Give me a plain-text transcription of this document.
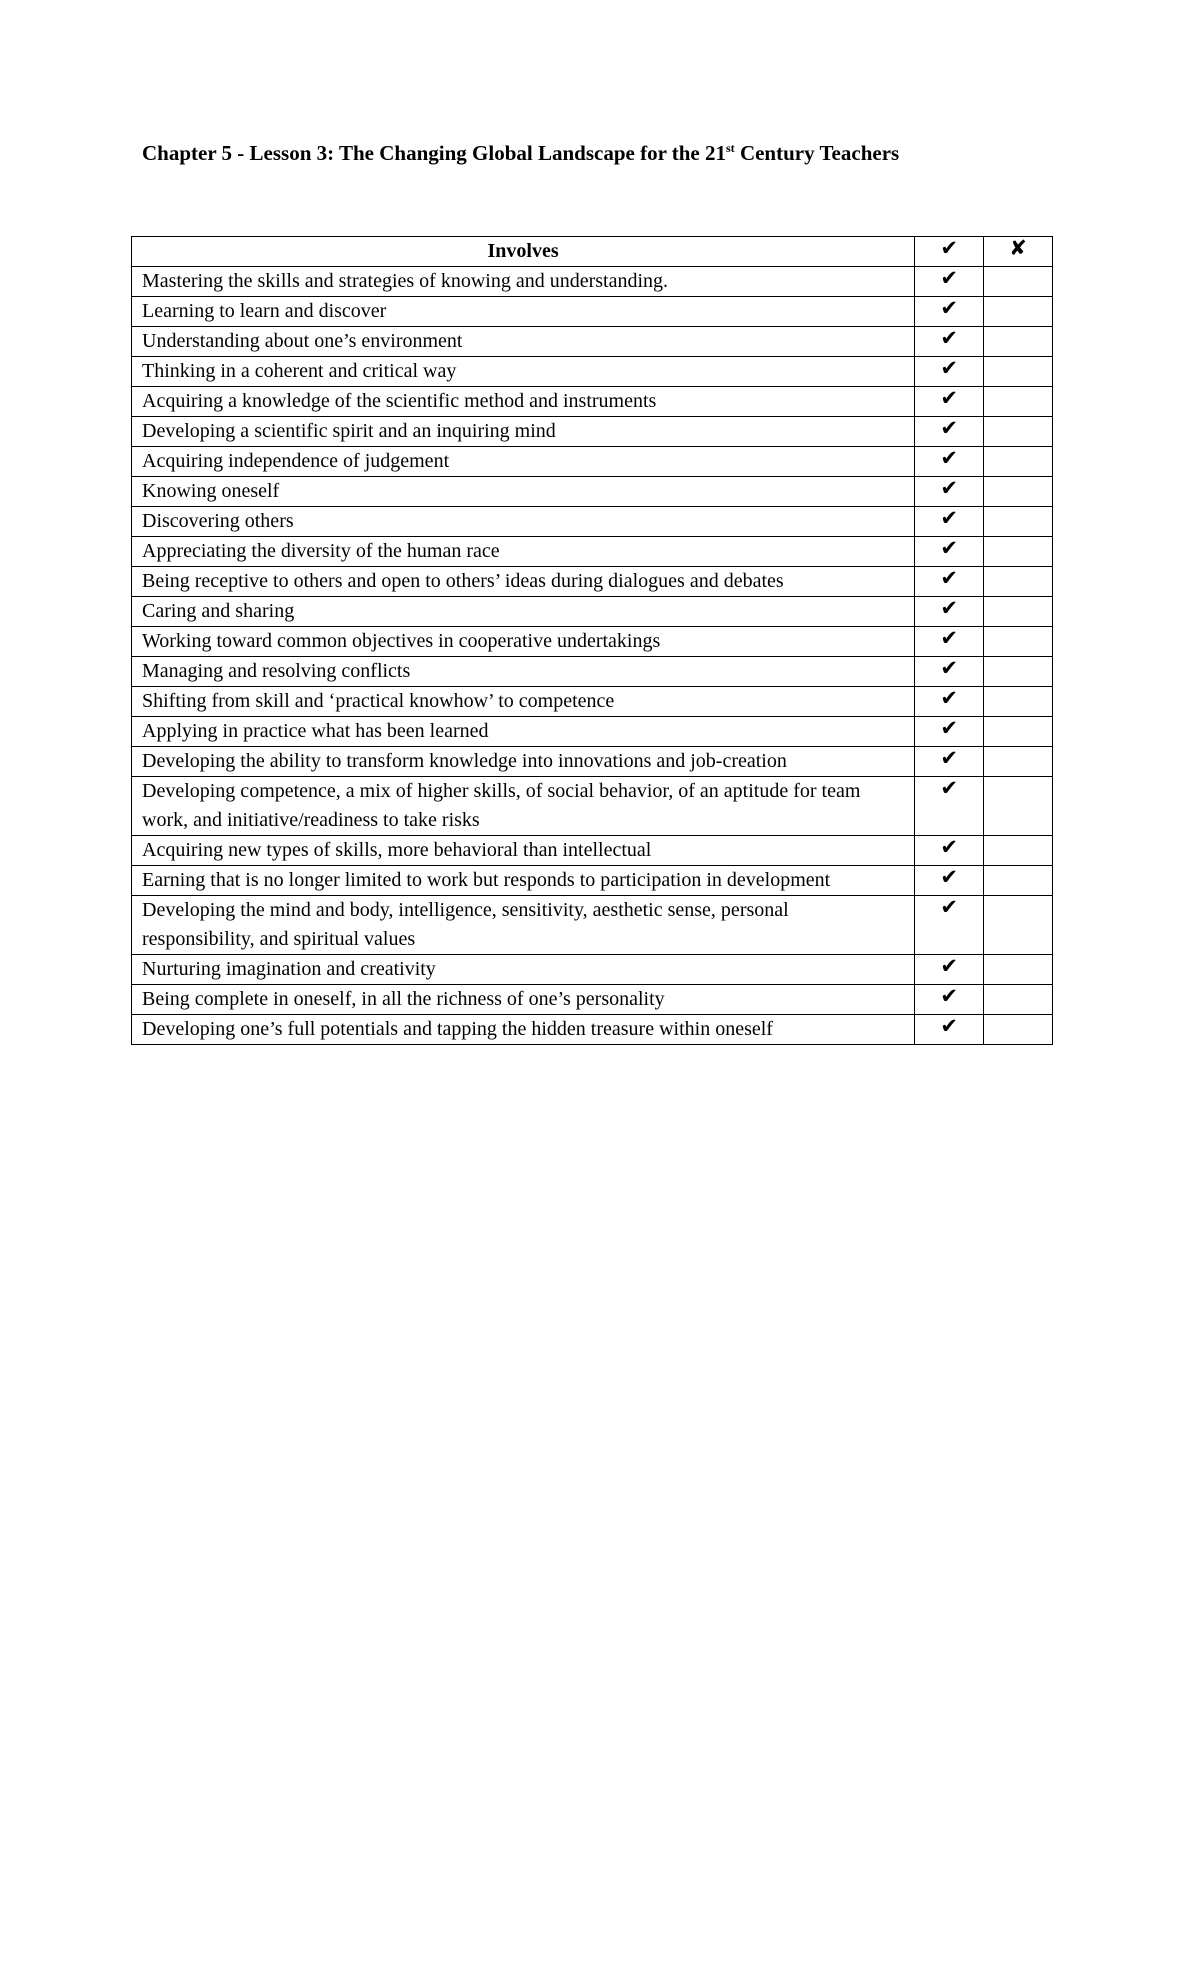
Chapter 5 - Lesson 3: The Changing Global Landscape for the 21st Century Teachers
Involves	✔	✘
Mastering the skills and strategies of knowing and understanding.	✔	
Learning to learn and discover	✔	
Understanding about one’s environment	✔	
Thinking in a coherent and critical way	✔	
Acquiring a knowledge of the scientific method and instruments	✔	
Developing a scientific spirit and an inquiring mind	✔	
Acquiring independence of judgement	✔	
Knowing oneself	✔	
Discovering others	✔	
Appreciating the diversity of the human race	✔	
Being receptive to others and open to others’ ideas during dialogues and debates	✔	
Caring and sharing	✔	
Working toward common objectives in cooperative undertakings	✔	
Managing and resolving conflicts	✔	
Shifting from skill and ‘practical knowhow’ to competence	✔	
Applying in practice what has been learned	✔	
Developing the ability to transform knowledge into innovations and job-creation	✔	
Developing competence, a mix of higher skills, of social behavior, of an aptitude for team work, and initiative/readiness to take risks	✔	
Acquiring new types of skills, more behavioral than intellectual	✔	
Earning that is no longer limited to work but responds to participation in development	✔	
Developing the mind and body, intelligence, sensitivity, aesthetic sense, personal responsibility, and spiritual values	✔	
Nurturing imagination and creativity	✔	
Being complete in oneself, in all the richness of one’s personality	✔	
Developing one’s full potentials and tapping the hidden treasure within oneself	✔	
